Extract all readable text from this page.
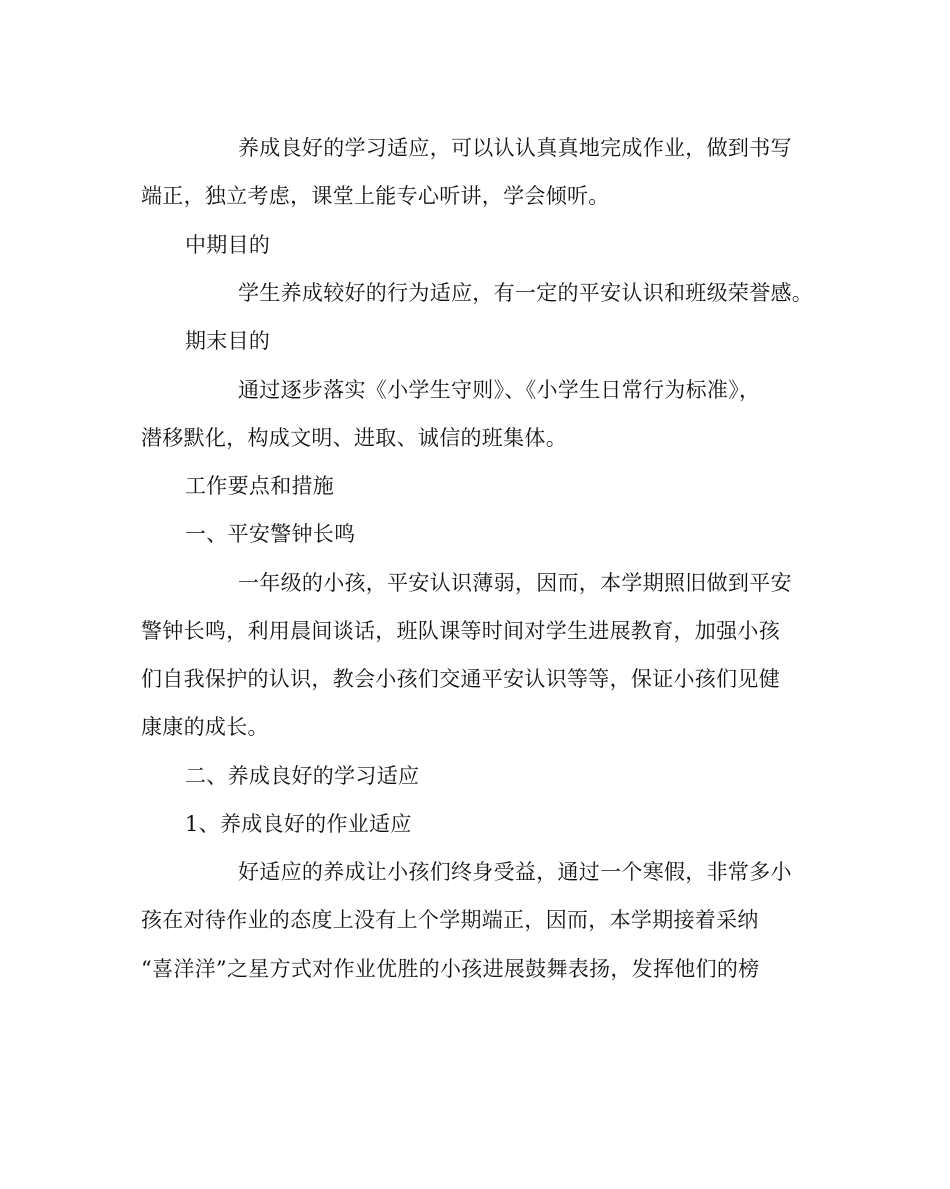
养成良好的学习适应，可以认认真真地完成作业，做到书写
端正，独立考虑，课堂上能专心听讲，学会倾听。
中期目的
学生养成较好的行为适应，有一定的平安认识和班级荣誉感。
期末目的
通过逐步落实《小学生守则》、《小学生日常行为标准》，
潜移默化，构成文明、进取、诚信的班集体。
工作要点和措施
一、平安警钟长鸣
一年级的小孩，平安认识薄弱，因而，本学期照旧做到平安
警钟长鸣，利用晨间谈话，班队课等时间对学生进展教育，加强小孩
们自我保护的认识，教会小孩们交通平安认识等等，保证小孩们见健
康康的成长。
二、养成良好的学习适应
1、养成良好的作业适应
好适应的养成让小孩们终身受益，通过一个寒假，非常多小
孩在对待作业的态度上没有上个学期端正，因而，本学期接着采纳
“喜洋洋”之星方式对作业优胜的小孩进展鼓舞表扬，发挥他们的榜
